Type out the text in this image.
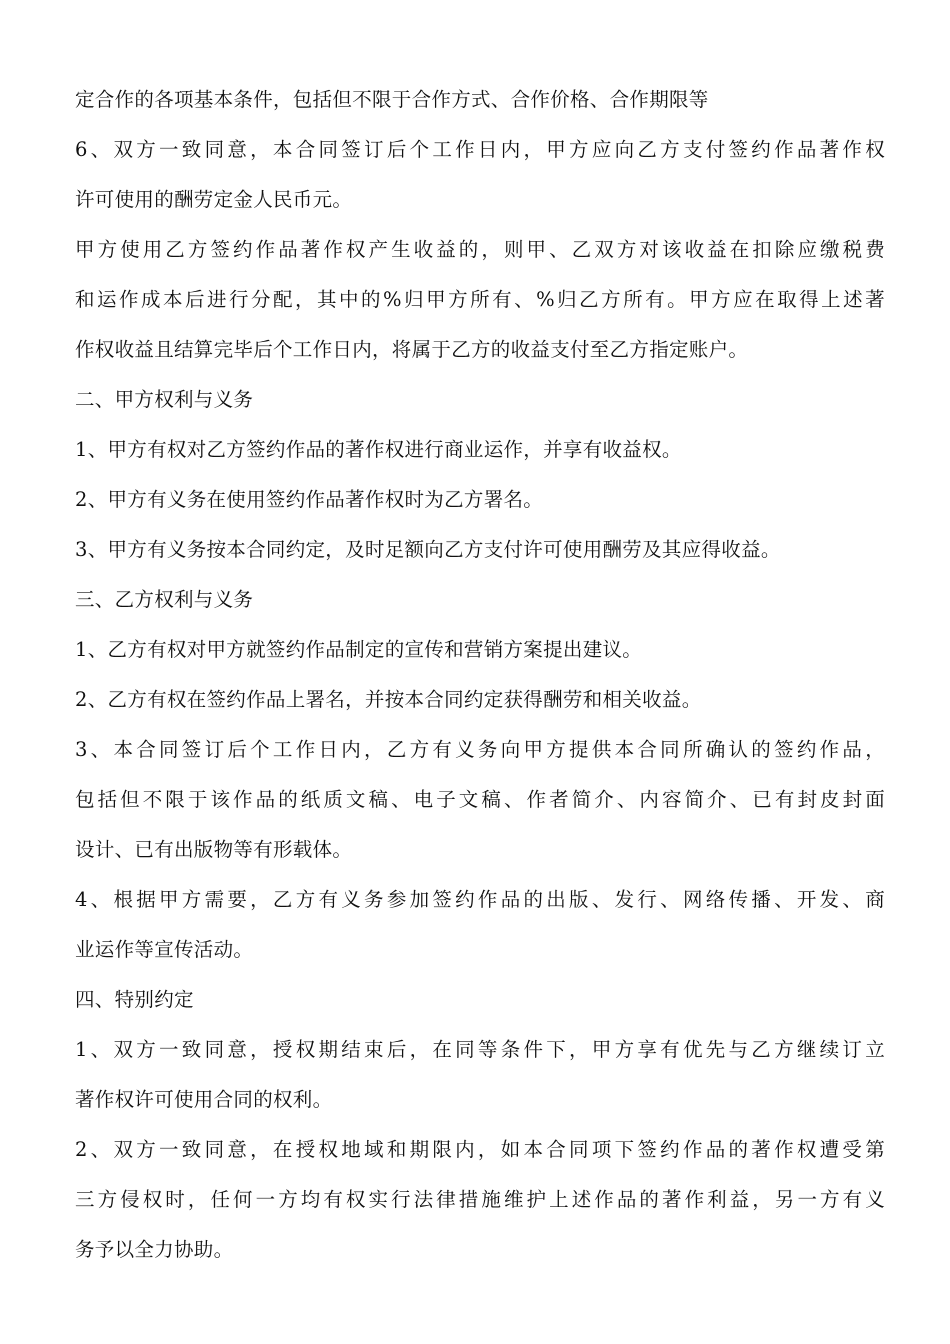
定合作的各项基本条件，包括但不限于合作方式、合作价格、合作期限等
6、双方一致同意，本合同签订后个工作日内，甲方应向乙方支付签约作品著作权
许可使用的酬劳定金人民币元。
甲方使用乙方签约作品著作权产生收益的，则甲、乙双方对该收益在扣除应缴税费
和运作成本后进行分配，其中的%归甲方所有、%归乙方所有。甲方应在取得上述著
作权收益且结算完毕后个工作日内，将属于乙方的收益支付至乙方指定账户。
二、甲方权利与义务
1、甲方有权对乙方签约作品的著作权进行商业运作，并享有收益权。
2、甲方有义务在使用签约作品著作权时为乙方署名。
3、甲方有义务按本合同约定，及时足额向乙方支付许可使用酬劳及其应得收益。
三、乙方权利与义务
1、乙方有权对甲方就签约作品制定的宣传和营销方案提出建议。
2、乙方有权在签约作品上署名，并按本合同约定获得酬劳和相关收益。
3、本合同签订后个工作日内，乙方有义务向甲方提供本合同所确认的签约作品，
包括但不限于该作品的纸质文稿、电子文稿、作者简介、内容简介、已有封皮封面
设计、已有出版物等有形载体。
4、根据甲方需要，乙方有义务参加签约作品的出版、发行、网络传播、开发、商
业运作等宣传活动。
四、特别约定
1、双方一致同意，授权期结束后，在同等条件下，甲方享有优先与乙方继续订立
著作权许可使用合同的权利。
2、双方一致同意，在授权地域和期限内，如本合同项下签约作品的著作权遭受第
三方侵权时，任何一方均有权实行法律措施维护上述作品的著作利益，另一方有义
务予以全力协助。
